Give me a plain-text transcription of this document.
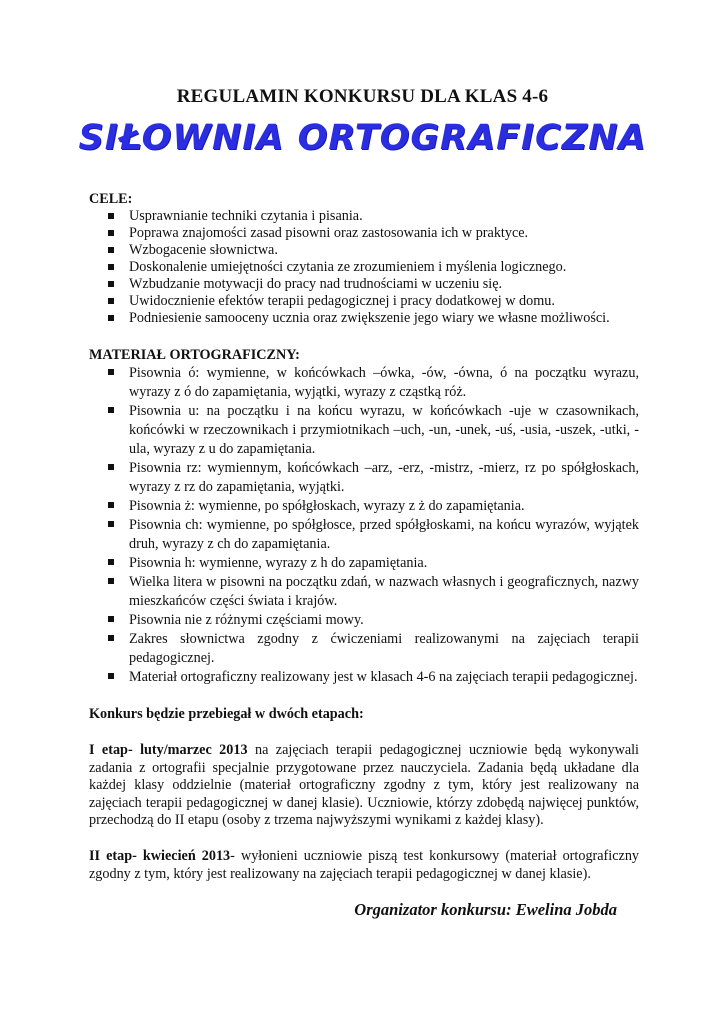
REGULAMIN KONKURSU DLA KLAS 4-6
SIŁOWNIA ORTOGRAFICZNA

CELE:

Usprawnianie techniki czytania i pisania.
Poprawa znajomości zasad pisowni oraz zastosowania ich w praktyce.
Wzbogacenie słownictwa.
Doskonalenie umiejętności czytania ze zrozumieniem i myślenia logicznego.
Wzbudzanie motywacji do pracy nad trudnościami w uczeniu się.
Uwidocznienie efektów terapii pedagogicznej i pracy dodatkowej w domu.
Podniesienie samooceny ucznia oraz zwiększenie jego wiary we własne możliwości.

MATERIAŁ ORTOGRAFICZNY:

Pisownia ó: wymienne, w końcówkach –ówka, -ów, -ówna, ó na początku wyrazu, wyrazy z ó do zapamiętania, wyjątki, wyrazy z cząstką róż.
Pisownia u: na początku i na końcu wyrazu, w końcówkach -uje w czasownikach, końcówki w rzeczownikach i przymiotnikach –uch, -un, -unek, -uś, -usia, -uszek, -utki, -ula, wyrazy z u do zapamiętania.
Pisownia rz: wymiennym, końcówkach –arz, -erz, -mistrz, -mierz, rz po spółgłoskach, wyrazy z rz do zapamiętania, wyjątki.
Pisownia ż: wymienne, po spółgłoskach, wyrazy z ż do zapamiętania.
Pisownia ch: wymienne, po spółgłosce, przed spółgłoskami, na końcu wyrazów, wyjątek druh, wyrazy z ch do zapamiętania.
Pisownia h: wymienne, wyrazy z h do zapamiętania.
Wielka litera w pisowni na początku zdań, w nazwach własnych i geograficznych, nazwy mieszkańców części świata i krajów.
Pisownia nie z różnymi częściami mowy.
Zakres słownictwa zgodny z ćwiczeniami realizowanymi na zajęciach terapii pedagogicznej.
Materiał ortograficzny realizowany jest w klasach 4-6 na zajęciach terapii pedagogicznej.

Konkurs będzie przebiegał w dwóch etapach:

I etap- luty/marzec 2013 na zajęciach terapii pedagogicznej uczniowie będą wykonywali zadania z ortografii specjalnie przygotowane przez nauczyciela. Zadania będą układane dla każdej klasy oddzielnie (materiał ortograficzny zgodny z tym, który jest realizowany na zajęciach terapii pedagogicznej w danej klasie). Uczniowie, którzy zdobędą najwięcej punktów, przechodzą do II etapu (osoby z trzema najwyższymi wynikami z każdej klasy).

II etap- kwiecień 2013- wyłonieni uczniowie piszą test konkursowy (materiał ortograficzny zgodny z tym, który jest realizowany na zajęciach terapii pedagogicznej w danej klasie).

Organizator konkursu: Ewelina Jobda
